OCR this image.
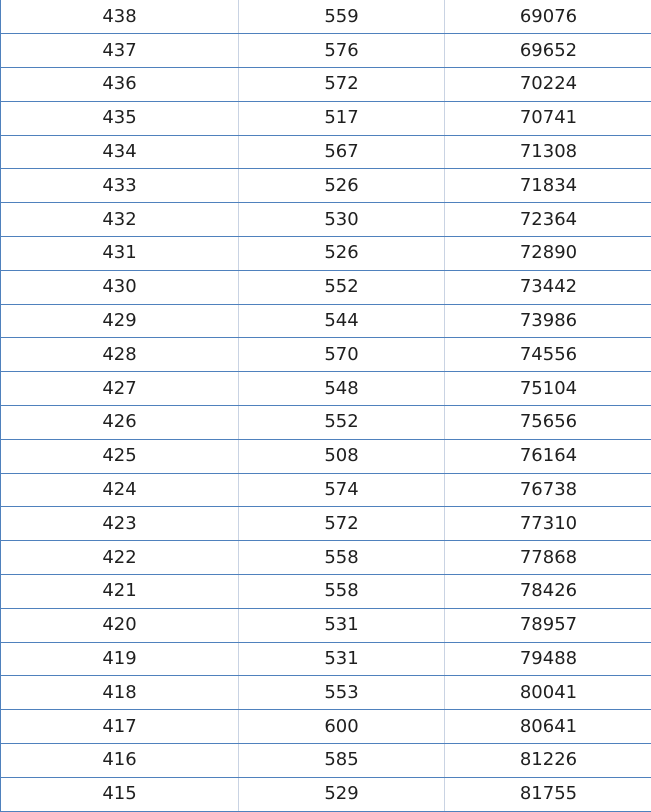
438	559	69076
437	576	69652
436	572	70224
435	517	70741
434	567	71308
433	526	71834
432	530	72364
431	526	72890
430	552	73442
429	544	73986
428	570	74556
427	548	75104
426	552	75656
425	508	76164
424	574	76738
423	572	77310
422	558	77868
421	558	78426
420	531	78957
419	531	79488
418	553	80041
417	600	80641
416	585	81226
415	529	81755
